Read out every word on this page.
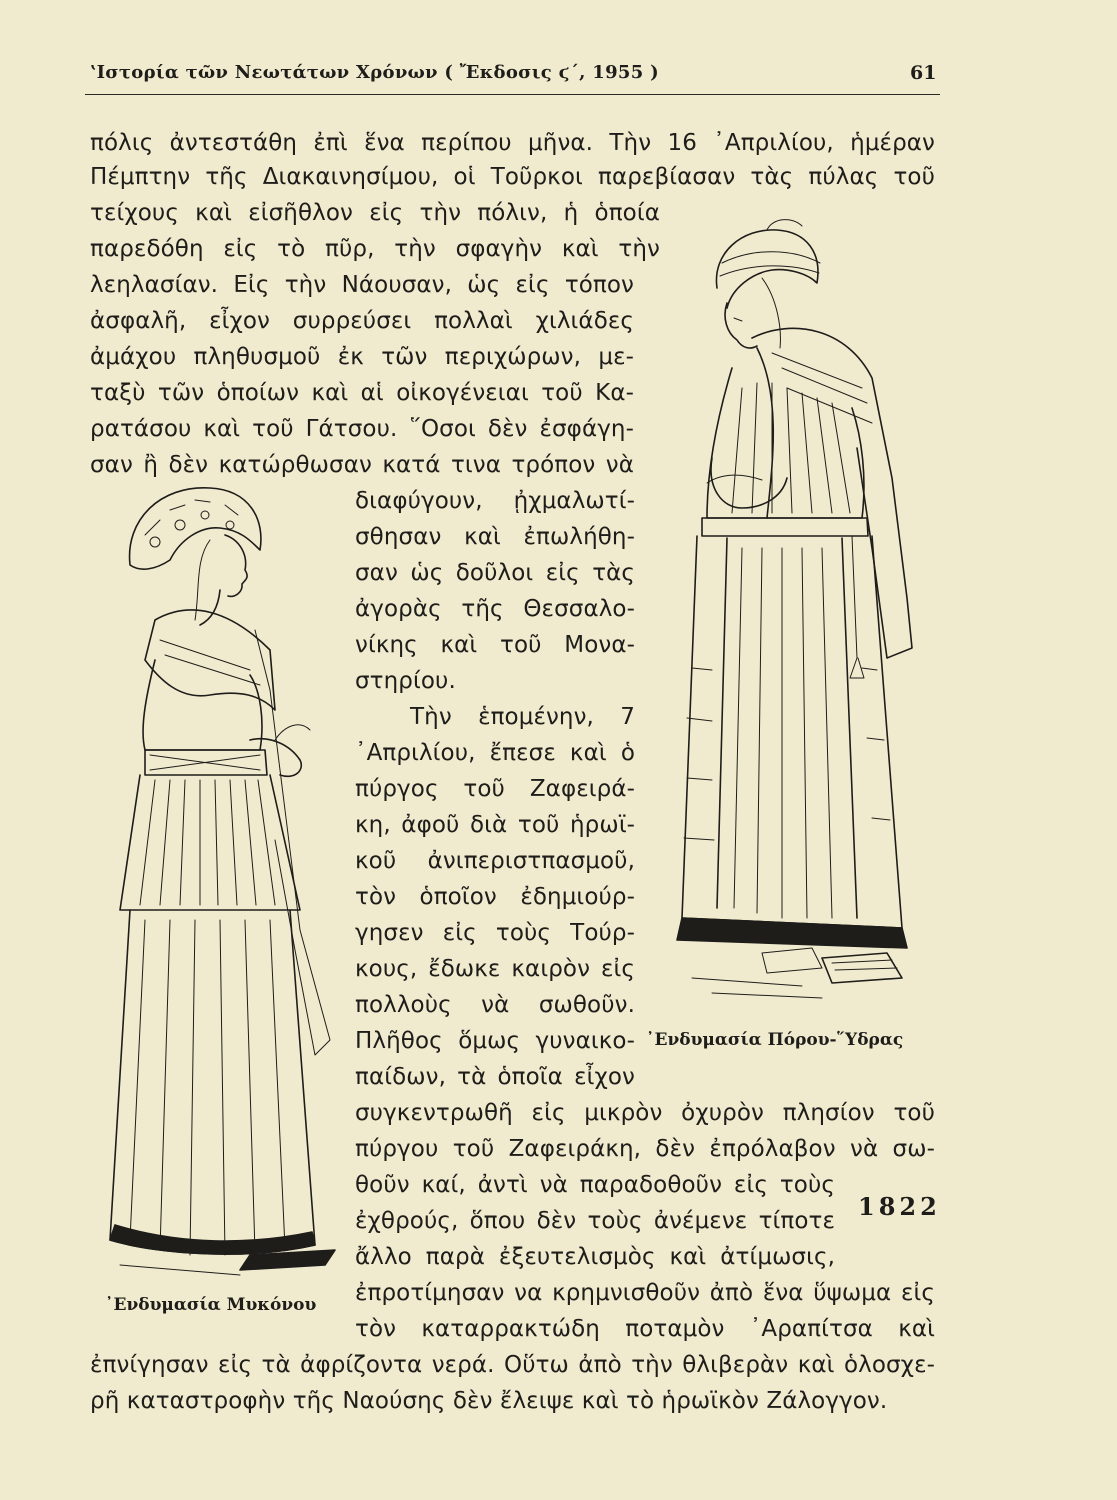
ʽΙστορία τῶν Νεωτάτων Χρόνων ( Ἔκδοσις ϛ΄, 1955 )	61
πόλις ἀντεστάθη ἐπὶ ἕνα περίπου μῆνα. Τὴν 16 ᾿Απριλίου, ἡμέραν
Πέμπτην τῆς Διακαινησίμου, οἱ Τοῦρκοι παρεβίασαν τὰς πύλας τοῦ
τείχους καὶ εἰσῆθλον εἰς τὴν πόλιν, ἡ ὁποία
παρεδόθη εἰς τὸ πῦρ, τὴν σφαγὴν καὶ τὴν
λεηλασίαν. Εἰς τὴν Νάουσαν, ὡς εἰς τόπον
ἀσφαλῆ, εἶχον συρρεύσει πολλαὶ χιλιάδες
ἀμάχου πληθυσμοῦ ἐκ τῶν περιχώρων, με-
ταξὺ τῶν ὁποίων καὶ αἱ οἰκογένειαι τοῦ Κα-
ρατάσου καὶ τοῦ Γάτσου. ῞Οσοι δὲν ἐσφάγη-
σαν ἢ δὲν κατώρθωσαν κατά τινα τρόπον νὰ
διαφύγουν, ᾐχμαλωτί-
σθησαν καὶ ἐπωλήθη-
σαν ὡς δοῦλοι εἰς τὰς
ἀγορὰς τῆς Θεσσαλο-
νίκης καὶ τοῦ Μονα-
στηρίου.
Τὴν ἑπομένην, 7
᾿Απριλίου, ἔπεσε καὶ ὁ
πύργος τοῦ Ζαφειρά-
κη, ἀφοῦ διὰ τοῦ ἡρωϊ-
κοῦ ἀνιπεριστπασμοῦ,
τὸν ὁποῖον ἐδημιούρ-
γησεν εἰς τοὺς Τούρ-
κους, ἔδωκε καιρὸν εἰς
πολλοὺς νὰ σωθοῦν.
Πλῆθος ὅμως γυναικο-
παίδων, τὰ ὁποῖα εἶχον
συγκεντρωθῆ εἰς μικρὸν ὀχυρὸν πλησίον τοῦ
πύργου τοῦ Ζαφειράκη, δὲν ἐπρόλαβον νὰ σω-
θοῦν καί, ἀντὶ νὰ παραδοθοῦν εἰς τοὺς
ἐχθρούς, ὅπου δὲν τοὺς ἀνέμενε τίποτε
ἄλλο παρὰ ἐξευτελισμὸς καὶ ἀτίμωσις,
ἐπροτίμησαν να κρημνισθοῦν ἀπὸ ἕνα ὕψωμα εἰς
τὸν καταρρακτώδη ποταμὸν ᾿Αραπίτσα καὶ
ἐπνίγησαν εἰς τὰ ἀφρίζοντα νερά. Οὕτω ἀπὸ τὴν θλιβερὰν καὶ ὁλοσχε-
ρῆ καταστροφὴν τῆς Ναούσης δὲν ἔλειψε καὶ τὸ ἡρωϊκὸν Ζάλογγον.
᾿Ενδυμασία Μυκόνου
᾿Ενδυμασία Πόρου-῞Υδρας
1822
